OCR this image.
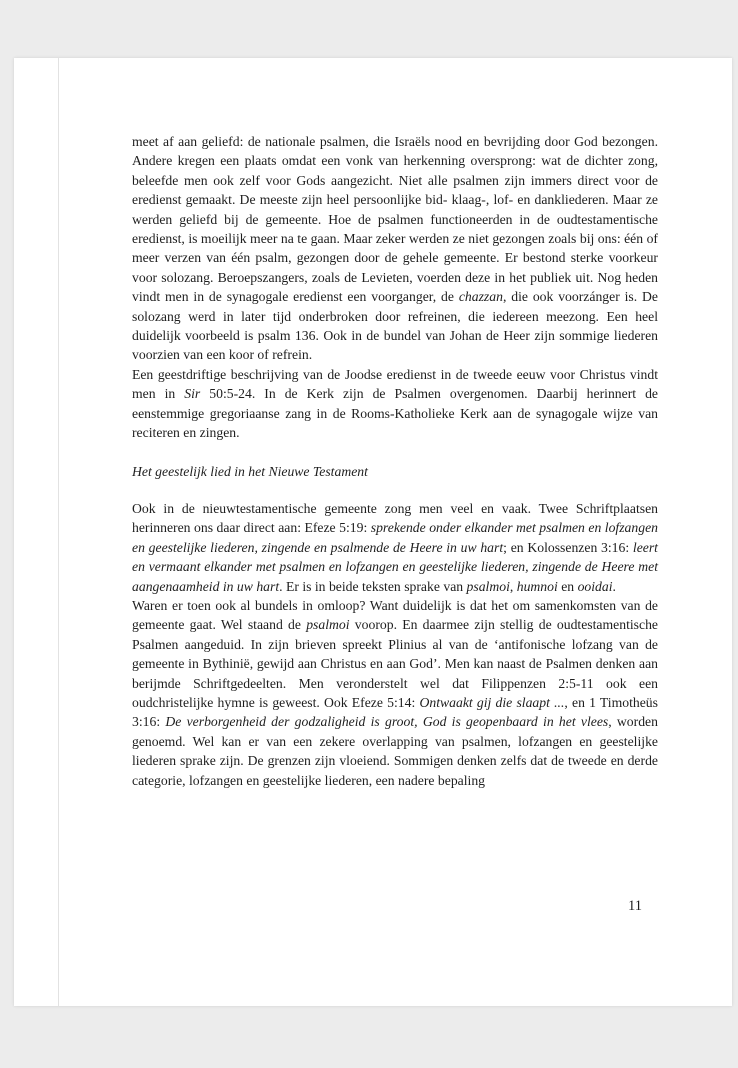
meet af aan geliefd: de nationale psalmen, die Israëls nood en bevrijding door God bezongen. Andere kregen een plaats omdat een vonk van herkenning oversprong: wat de dichter zong, beleefde men ook zelf voor Gods aangezicht. Niet alle psalmen zijn immers direct voor de eredienst gemaakt. De meeste zijn heel persoonlijke bid- klaag-, lof- en dankliederen. Maar ze werden geliefd bij de gemeente. Hoe de psalmen functioneerden in de oudtestamentische eredienst, is moeilijk meer na te gaan. Maar zeker werden ze niet gezongen zoals bij ons: één of meer verzen van één psalm, gezongen door de gehele gemeente. Er bestond sterke voorkeur voor solozang. Beroepszangers, zoals de Levieten, voerden deze in het publiek uit. Nog heden vindt men in de synagogale eredienst een voorganger, de chazzan, die ook voorzánger is. De solozang werd in later tijd onderbroken door refreinen, die iedereen meezong. Een heel duidelijk voorbeeld is psalm 136. Ook in de bundel van Johan de Heer zijn sommige liederen voorzien van een koor of refrein.

Een geestdriftige beschrijving van de Joodse eredienst in de tweede eeuw voor Christus vindt men in Sir 50:5-24. In de Kerk zijn de Psalmen overgenomen. Daarbij herinnert de eenstemmige gregoriaanse zang in de Rooms-Katholieke Kerk aan de synagogale wijze van reciteren en zingen.

Het geestelijk lied in het Nieuwe Testament

Ook in de nieuwtestamentische gemeente zong men veel en vaak. Twee Schriftplaatsen herinneren ons daar direct aan: Efeze 5:19: sprekende onder elkander met psalmen en lofzangen en geestelijke liederen, zingende en psalmende de Heere in uw hart; en Kolossenzen 3:16: leert en vermaant elkander met psalmen en lofzangen en geestelijke liederen, zingende de Heere met aangenaamheid in uw hart. Er is in beide teksten sprake van psalmoi, humnoi en ooidai.

Waren er toen ook al bundels in omloop? Want duidelijk is dat het om samenkomsten van de gemeente gaat. Wel staand de psalmoi voorop. En daarmee zijn stellig de oudtestamentische Psalmen aangeduid. In zijn brieven spreekt Plinius al van de ‘antifonische lofzang van de gemeente in Bythinië, gewijd aan Christus en aan God’. Men kan naast de Psalmen denken aan berijmde Schriftgedeelten. Men veronderstelt wel dat Filippenzen 2:5-11 ook een oudchristelijke hymne is geweest. Ook Efeze 5:14: Ontwaakt gij die slaapt ..., en 1 Timotheüs 3:16: De verborgenheid der godzaligheid is groot, God is geopenbaard in het vlees, worden genoemd. Wel kan er van een zekere overlapping van psalmen, lofzangen en geestelijke liederen sprake zijn. De grenzen zijn vloeiend. Sommigen denken zelfs dat de tweede en derde categorie, lofzangen en geestelijke liederen, een nadere bepaling

11
